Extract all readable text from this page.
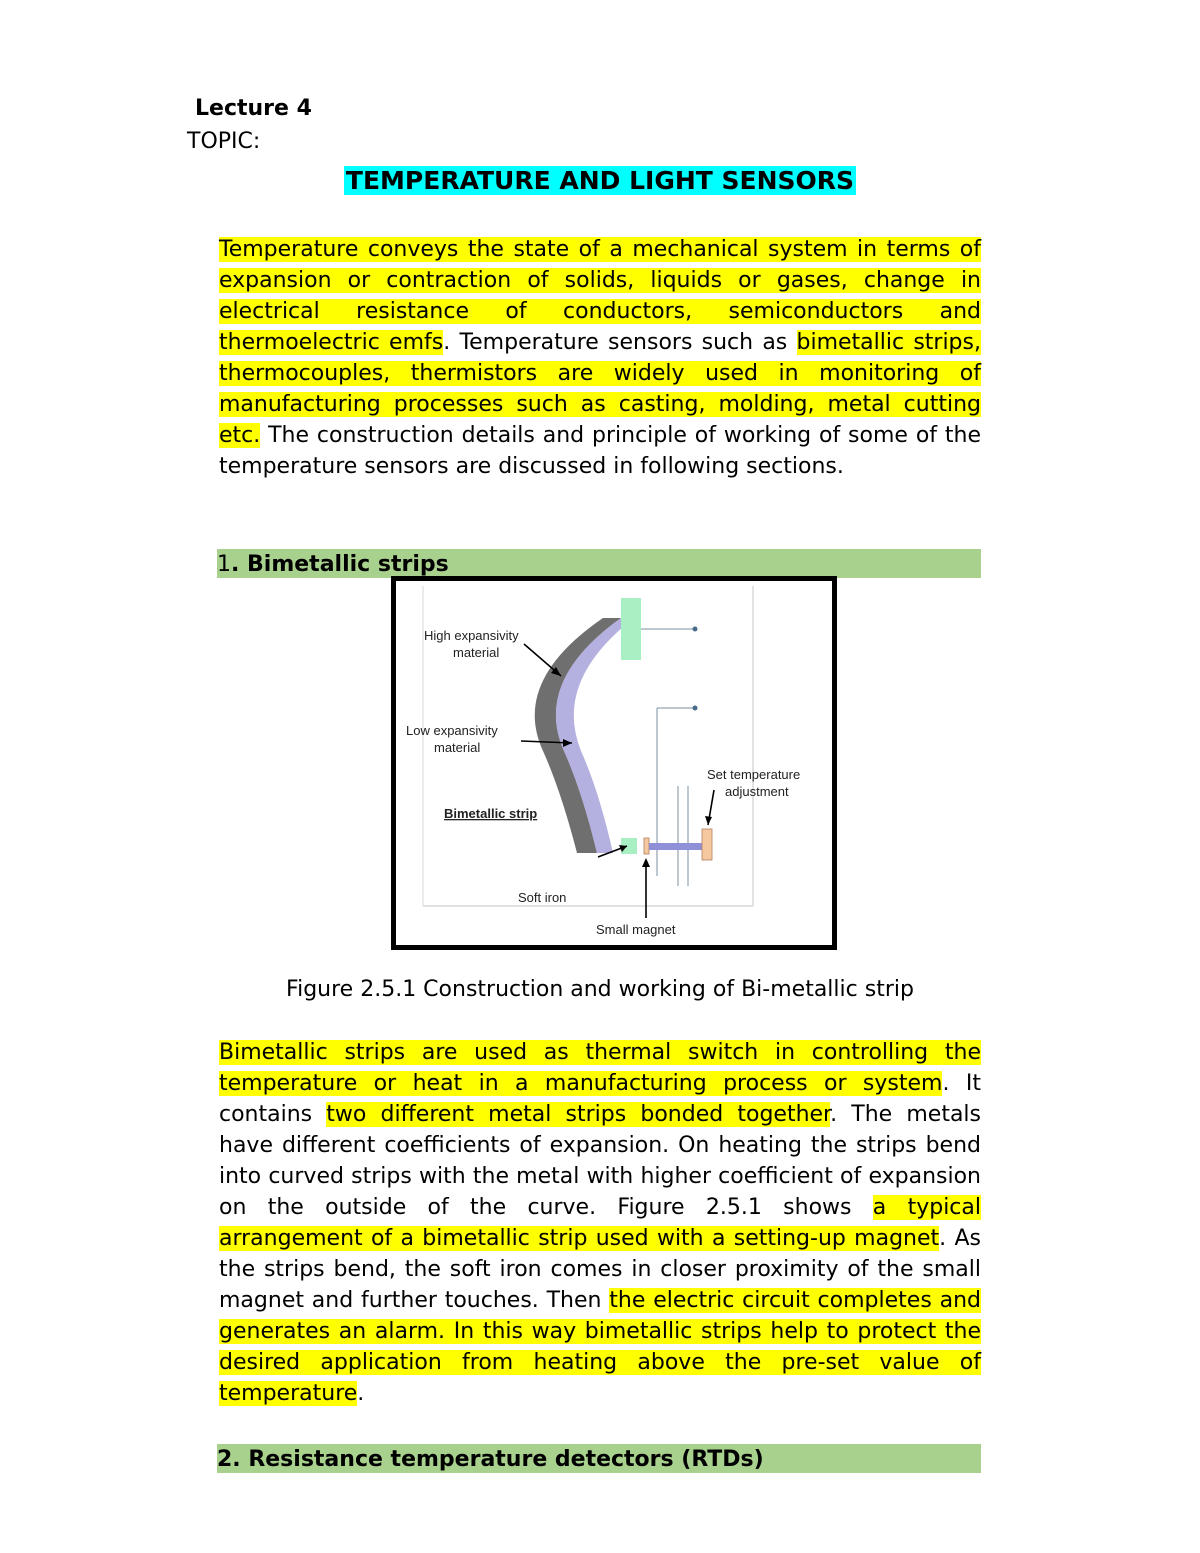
Lecture 4
TOPIC:
TEMPERATURE AND LIGHT SENSORS

Temperature conveys the state of a mechanical system in terms of expansion or contraction of solids, liquids or gases, change in electrical resistance of conductors, semiconductors and thermoelectric emfs. Temperature sensors such as bimetallic strips, thermocouples, thermistors are widely used in monitoring of manufacturing processes such as casting, molding, metal cutting etc. The construction details and principle of working of some of the temperature sensors are discussed in following sections.

1. Bimetallic strips
High expansivity
material
Low expansivity
material
Bimetallic strip
Set temperature
adjustment
Soft iron
Small magnet
Figure 2.5.1 Construction and working of Bi-metallic strip

Bimetallic strips are used as thermal switch in controlling the temperature or heat in a manufacturing process or system. It contains two different metal strips bonded together. The metals have different coefficients of expansion. On heating the strips bend into curved strips with the metal with higher coefficient of expansion on the outside of the curve. Figure 2.5.1 shows a typical arrangement of a bimetallic strip used with a setting-up magnet. As the strips bend, the soft iron comes in closer proximity of the small magnet and further touches. Then the electric circuit completes and generates an alarm. In this way bimetallic strips help to protect the desired application from heating above the pre-set value of temperature.

2. Resistance temperature detectors (RTDs)
